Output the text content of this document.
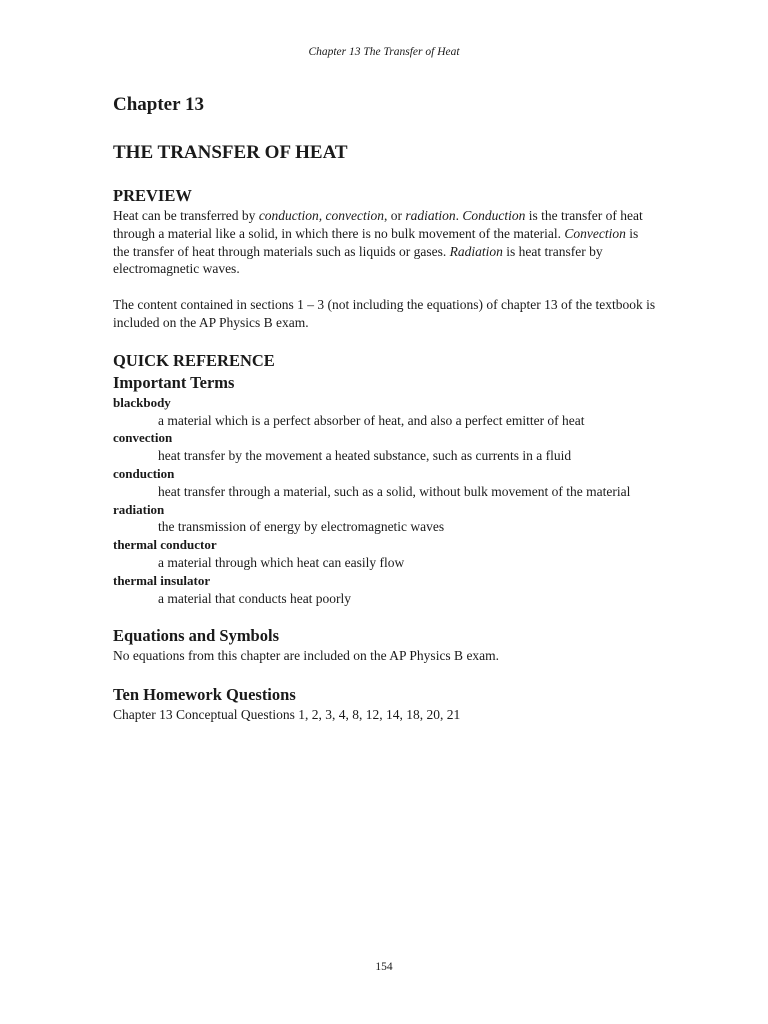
Chapter 13 The Transfer of Heat
Chapter 13
THE TRANSFER OF HEAT
PREVIEW

Heat can be transferred by conduction, convection, or radiation. Conduction is the transfer of heat through a material like a solid, in which there is no bulk movement of the material. Convection is the transfer of heat through materials such as liquids or gases. Radiation is heat transfer by electromagnetic waves.

The content contained in sections 1 – 3 (not including the equations) of chapter 13 of the textbook is included on the AP Physics B exam.

QUICK REFERENCE
Important Terms
blackbody
a material which is a perfect absorber of heat, and also a perfect emitter of heat
convection
heat transfer by the movement a heated substance, such as currents in a fluid
conduction
heat transfer through a material, such as a solid, without bulk movement of the material
radiation
the transmission of energy by electromagnetic waves
thermal conductor
a material through which heat can easily flow
thermal insulator
a material that conducts heat poorly
Equations and Symbols

No equations from this chapter are included on the AP Physics B exam.

Ten Homework Questions

Chapter 13 Conceptual Questions 1, 2, 3, 4, 8, 12, 14, 18, 20, 21

154
